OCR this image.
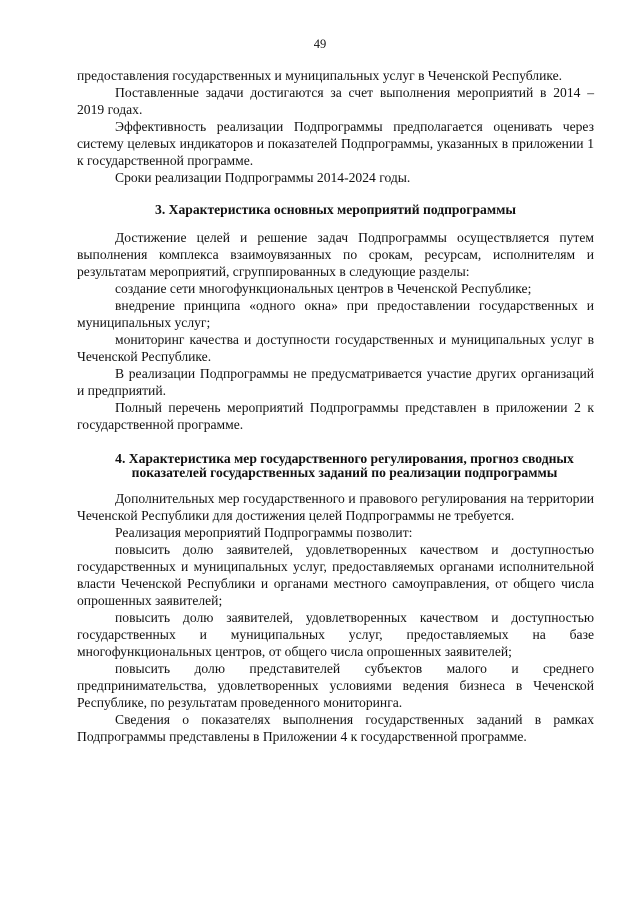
49

предоставления государственных и муниципальных услуг в Чеченской Республике.

Поставленные задачи достигаются за счет выполнения мероприятий в 2014 – 2019 годах.

Эффективность реализации Подпрограммы предполагается оценивать через систему целевых индикаторов и показателей Подпрограммы, указанных в приложении 1 к государственной программе.

Сроки реализации Подпрограммы 2014-2024 годы.

3. Характеристика основных мероприятий подпрограммы

Достижение целей и решение задач Подпрограммы осуществляется путем выполнения комплекса взаимоувязанных по срокам, ресурсам, исполнителям и результатам мероприятий, сгруппированных в следующие разделы:

создание сети многофункциональных центров в Чеченской Республике;

внедрение принципа «одного окна» при предоставлении государственных и муниципальных услуг;

мониторинг качества и доступности государственных и муниципальных услуг в Чеченской Республике.

В реализации Подпрограммы не предусматривается участие других организаций и предприятий.

Полный перечень мероприятий Подпрограммы представлен в приложении 2 к государственной программе.

4. Характеристика мер государственного регулирования, прогноз сводных показателей государственных заданий по реализации подпрограммы

Дополнительных мер государственного и правового регулирования на территории Чеченской Республики для достижения целей Подпрограммы не требуется.

Реализация мероприятий Подпрограммы позволит:

повысить долю заявителей, удовлетворенных качеством и доступностью государственных и муниципальных услуг, предоставляемых органами исполнительной власти Чеченской Республики и органами местного самоуправления, от общего числа опрошенных заявителей;

повысить долю заявителей, удовлетворенных качеством и доступностью государственных и муниципальных услуг, предоставляемых на базе многофункциональных центров, от общего числа опрошенных заявителей;

повысить долю представителей субъектов малого и среднего предпринимательства, удовлетворенных условиями ведения бизнеса в Чеченской Республике, по результатам проведенного мониторинга.

Сведения о показателях выполнения государственных заданий в рамках Подпрограммы представлены в Приложении 4 к государственной программе.
